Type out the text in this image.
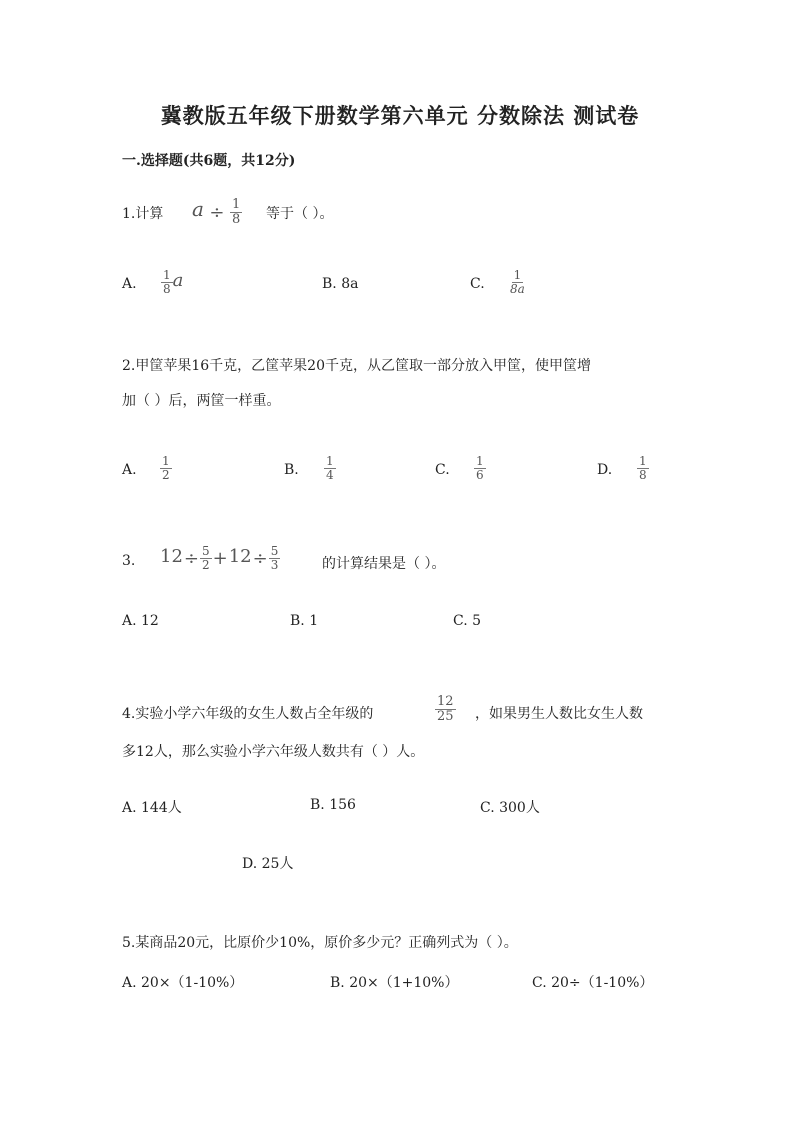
冀教版五年级下册数学第六单元 分数除法 测试卷
一.选择题(共6题，共12分)
1.计算 $a \div \frac{1}{8}$ 等于（ ）。
A. $\frac{1}{8}$ a	B. 8a	C. $\frac{1}{8a}$
2.甲筐苹果16千克，乙筐苹果20千克，从乙筐取一部分放入甲筐，使甲筐增
加（ ）后，两筐一样重。
A. $\frac{1}{2}$	B. $\frac{1}{4}$	C. $\frac{1}{6}$	D. $\frac{1}{8}$
3. $12\div \frac{5}{2} +12\div \frac{5}{3}$	的计算结果是（ ）。
A. 12	B. 1	C. 5
4.实验小学六年级的女生人数占全年级的	$\frac{12}{25}$ ，如果男生人数比女生人数
多12人，那么实验小学六年级人数共有（ ）人。
A. 144人	B. 156	C. 300人
D. 25人
5.某商品20元，比原价少10%，原价多少元？正确列式为（ ）。
A. 20×（1-10%）	B. 20×（1+10%）	C. 20÷（1-10%）
